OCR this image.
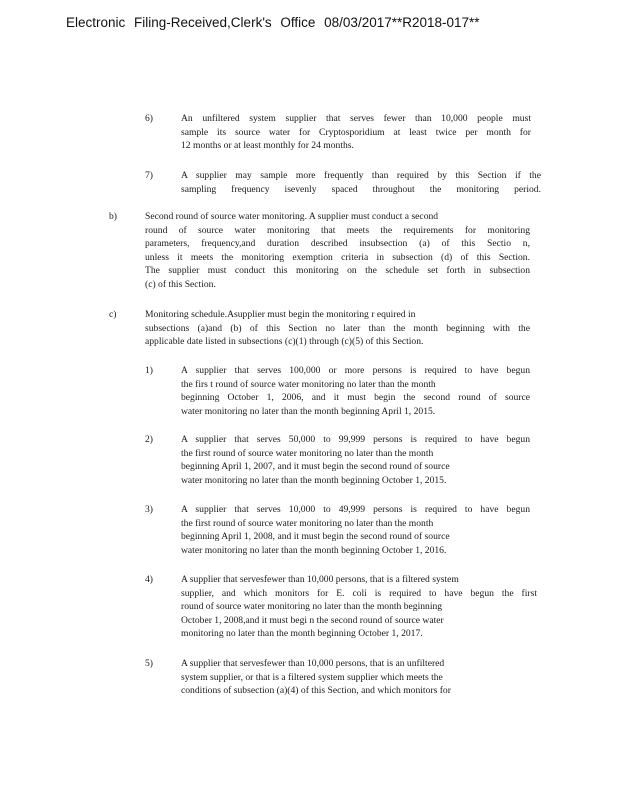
Electronic Filing-Received,Clerk's Office 08/03/2017**R2018-017**
6)	An unfiltered system supplier that serves fewer than 10,000 people must

sample its source water for Cryptosporidium at least twice per month for

12 months or at least monthly for 24 months.

7)	A supplier may sample more frequently than required by this Section if the

sampling frequency isevenly spaced throughout the monitoring period.

b)	Second round of source water monitoring. A supplier must conduct a second

round of source water monitoring that meets the requirements for monitoring

parameters, frequency,and duration described insubsection (a) of this Sectio n,

unless it meets the monitoring exemption criteria in subsection (d) of this Section.

The supplier must conduct this monitoring on the schedule set forth in subsection

(c) of this Section.

c)	Monitoring schedule.Asupplier must begin the monitoring r equired in

subsections (a)and (b) of this Section no later than the month beginning with the

applicable date listed in subsections (c)(1) through (c)(5) of this Section.

1)	A supplier that serves 100,000 or more persons is required to have begun

the firs t round of source water monitoring no later than the month

beginning October 1, 2006, and it must begin the second round of source

water monitoring no later than the month beginning April 1, 2015.

2)	A supplier that serves 50,000 to 99,999 persons is required to have begun

the first round of source water monitoring no later than the month

beginning April 1, 2007, and it must begin the second round of source

water monitoring no later than the month beginning October 1, 2015.

3)	A supplier that serves 10,000 to 49,999 persons is required to have begun

the first round of source water monitoring no later than the month

beginning April 1, 2008, and it must begin the second round of source

water monitoring no later than the month beginning October 1, 2016.

4)	A supplier that servesfewer than 10,000 persons, that is a filtered system

supplier, and which monitors for E. coli is required to have begun the first

round of source water monitoring no later than the month beginning

October 1, 2008,and it must begi n the second round of source water

monitoring no later than the month beginning October 1, 2017.

5)	A supplier that servesfewer than 10,000 persons, that is an unfiltered

system supplier, or that is a filtered system supplier which meets the

conditions of subsection (a)(4) of this Section, and which monitors for
